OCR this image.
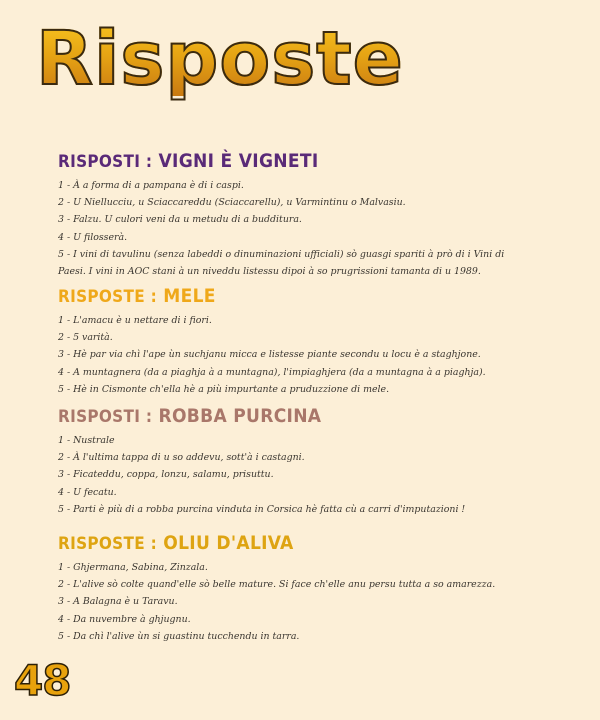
Risposte
RISPOSTI : VIGNI È VIGNETI
1 - À a forma di a pampana è di i caspi.
2 - U Niellucciu, u Sciaccareddu (Sciaccarellu), u Varmintinu o Malvasiu.
3 - Falzu. U culori veni da u metudu di a budditura.
4 - U filosserà.
5 - I vini di tavulinu (senza labeddi o dinuminazioni ufficiali) sò guasgi spariti à prò di i Vini di
Paesi. I vini in AOC stani à un niveddu listessu dipoi à so prugrissioni tamanta di u 1989.
RISPOSTE : MELE
1 - L'amacu è u nettare di i fiori.
2 - 5 varità.
3 - Hè par via chì l'ape ùn suchjanu micca e listesse piante secondu u locu è a staghjone.
4 - A muntagnera (da a piaghja à a muntagna), l'impiaghjera (da a muntagna à a piaghja).
5 - Hè in Cismonte ch'ella hè a più impurtante a pruduzzione di mele.
RISPOSTI : ROBBA PURCINA
1 - Nustrale
2 - À l'ultima tappa di u so addevu, sott'à i castagni.
3 - Ficateddu, coppa, lonzu, salamu, prisuttu.
4 - U fecatu.
5 - Parti è più di a robba purcina vinduta in Corsica hè fatta cù a carri d'imputazioni !
RISPOSTE : OLIU D'ALIVA
1 - Ghjermana, Sabina, Zinzala.
2 - L'alive sò colte quand'elle sò belle mature. Si face ch'elle anu persu tutta a so amarezza.
3 - A Balagna è u Taravu.
4 - Da nuvembre à ghjugnu.
5 - Da chì l'alive ùn si guastinu tucchendu in tarra.
48
